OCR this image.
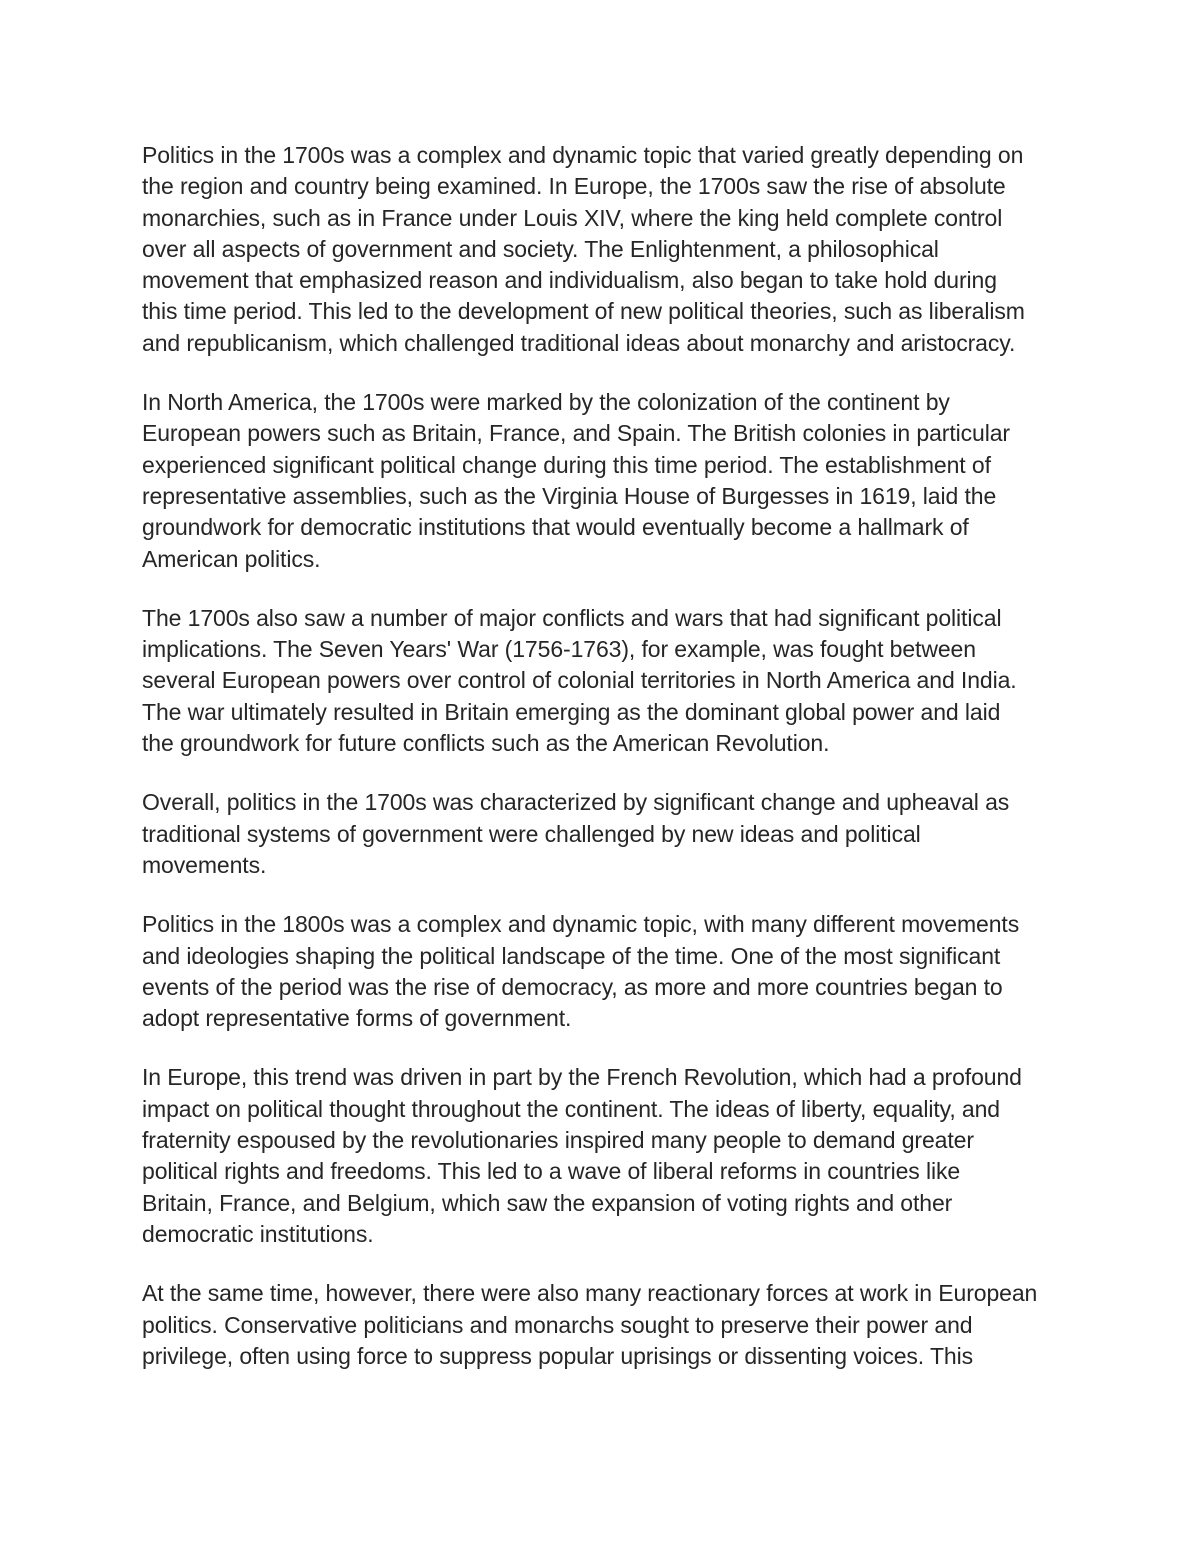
Politics in the 1700s was a complex and dynamic topic that varied greatly depending on
the region and country being examined. In Europe, the 1700s saw the rise of absolute
monarchies, such as in France under Louis XIV, where the king held complete control
over all aspects of government and society. The Enlightenment, a philosophical
movement that emphasized reason and individualism, also began to take hold during
this time period. This led to the development of new political theories, such as liberalism
and republicanism, which challenged traditional ideas about monarchy and aristocracy.
In North America, the 1700s were marked by the colonization of the continent by
European powers such as Britain, France, and Spain. The British colonies in particular
experienced significant political change during this time period. The establishment of
representative assemblies, such as the Virginia House of Burgesses in 1619, laid the
groundwork for democratic institutions that would eventually become a hallmark of
American politics.
The 1700s also saw a number of major conflicts and wars that had significant political
implications. The Seven Years' War (1756-1763), for example, was fought between
several European powers over control of colonial territories in North America and India.
The war ultimately resulted in Britain emerging as the dominant global power and laid
the groundwork for future conflicts such as the American Revolution.
Overall, politics in the 1700s was characterized by significant change and upheaval as
traditional systems of government were challenged by new ideas and political
movements.
Politics in the 1800s was a complex and dynamic topic, with many different movements
and ideologies shaping the political landscape of the time. One of the most significant
events of the period was the rise of democracy, as more and more countries began to
adopt representative forms of government.
In Europe, this trend was driven in part by the French Revolution, which had a profound
impact on political thought throughout the continent. The ideas of liberty, equality, and
fraternity espoused by the revolutionaries inspired many people to demand greater
political rights and freedoms. This led to a wave of liberal reforms in countries like
Britain, France, and Belgium, which saw the expansion of voting rights and other
democratic institutions.
At the same time, however, there were also many reactionary forces at work in European
politics. Conservative politicians and monarchs sought to preserve their power and
privilege, often using force to suppress popular uprisings or dissenting voices. This
